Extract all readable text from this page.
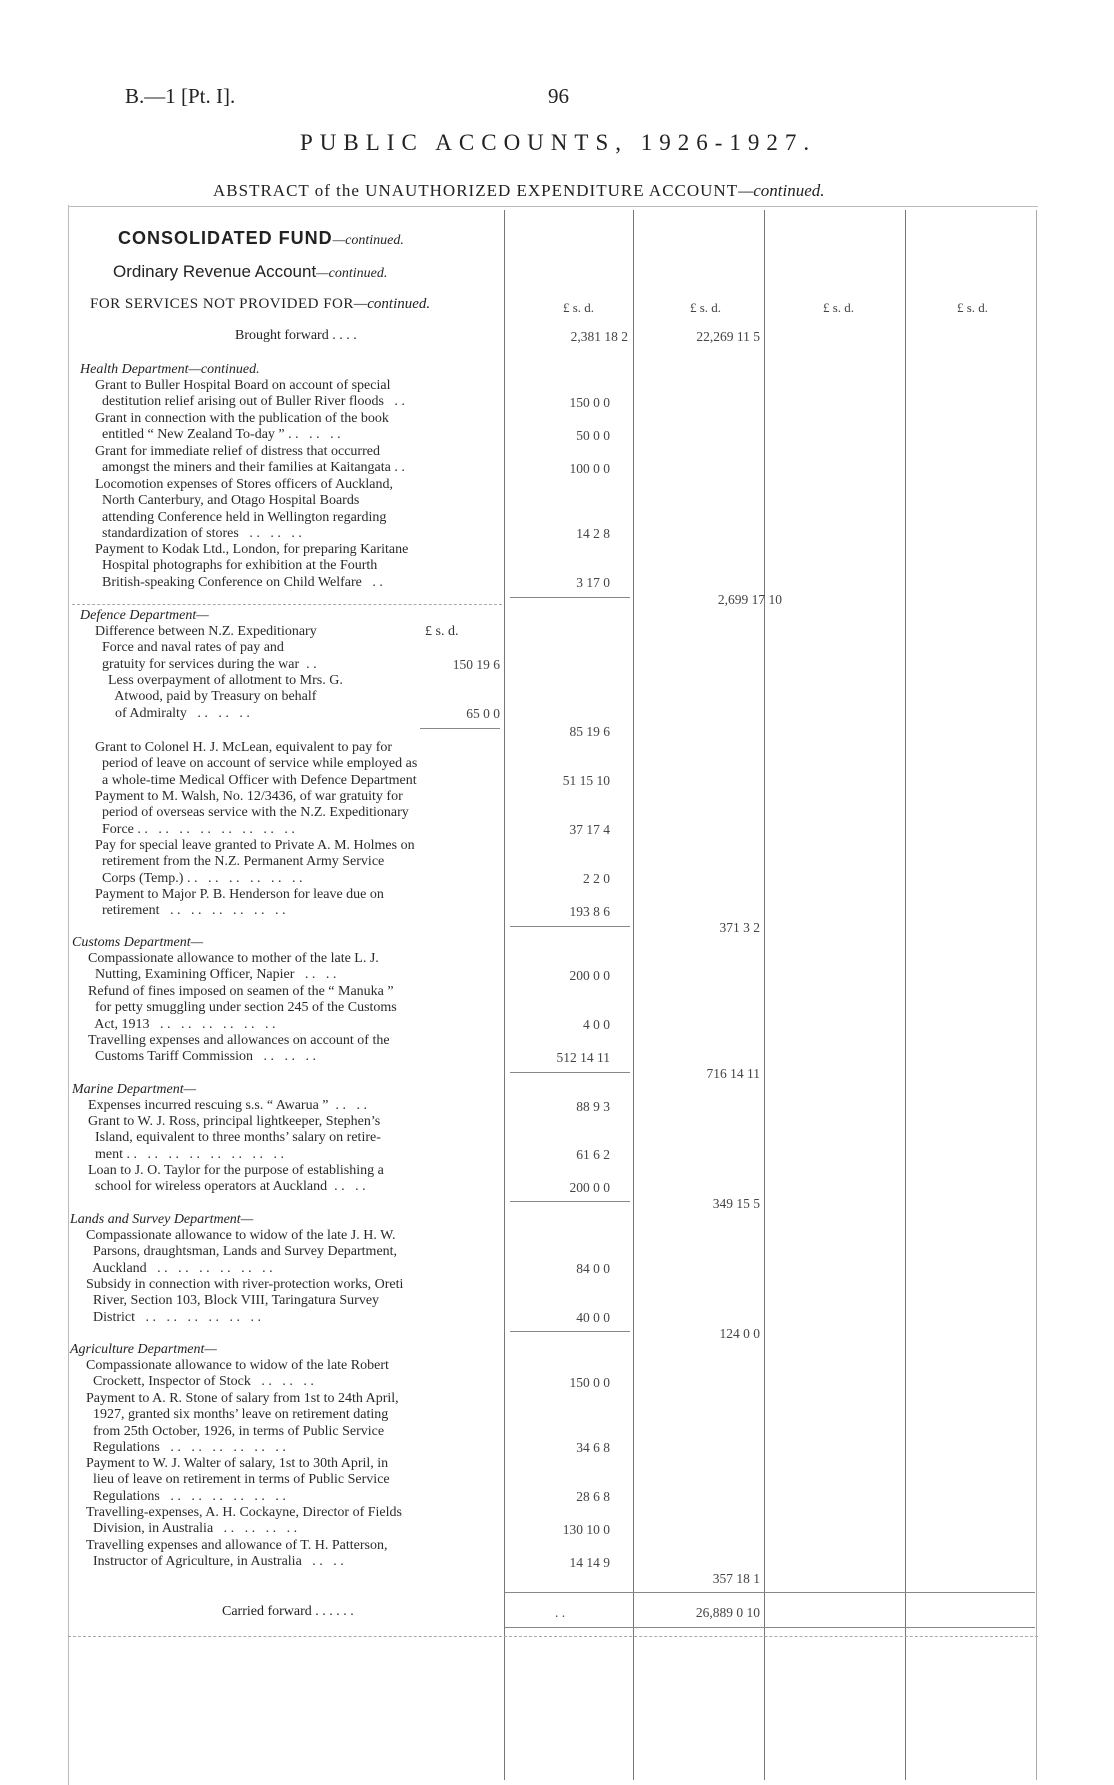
B.—1 [Pt. I].	96
PUBLIC ACCOUNTS, 1926-1927.
ABSTRACT of the UNAUTHORIZED EXPENDITURE ACCOUNT—continued.
CONSOLIDATED FUND—continued.
Ordinary Revenue Account—continued.
FOR SERVICES NOT PROVIDED FOR—continued.	£ s. d.	£ s. d.	£ s. d.	£ s. d.
Brought forward . . . .	2,381 18 2	22,269 11 5
Health Department—continued.
Grant to Buller Hospital Board on account of special
destitution relief arising out of Buller River floods   . .	150 0 0
Grant in connection with the publication of the book
entitled “ New Zealand To-day ” . .   . .   . .	50 0 0
Grant for immediate relief of distress that occurred
amongst the miners and their families at Kaitangata . .	100 0 0
Locomotion expenses of Stores officers of Auckland,
North Canterbury, and Otago Hospital Boards
attending Conference held in Wellington regarding
standardization of stores   . .   . .   . .	14 2 8
Payment to Kodak Ltd., London, for preparing Karitane
Hospital photographs for exhibition at the Fourth
British-speaking Conference on Child Welfare   . .	3 17 0
2,699 17 10
Defence Department—
£ s. d.
Difference between N.Z. Expeditionary
Force and naval rates of pay and
gratuity for services during the war  . .	150 19 6
Less overpayment of allotment to Mrs. G.
Atwood, paid by Treasury on behalf
of Admiralty   . .   . .   . .	65 0 0
85 19 6
Grant to Colonel H. J. McLean, equivalent to pay for
period of leave on account of service while employed as
a whole-time Medical Officer with Defence Department	51 15 10
Payment to M. Walsh, No. 12/3436, of war gratuity for
period of overseas service with the N.Z. Expeditionary
Force . .   . .   . .   . .   . .   . .   . .   . .	37 17 4
Pay for special leave granted to Private A. M. Holmes on
retirement from the N.Z. Permanent Army Service
Corps (Temp.) . .   . .   . .   . .   . .   . .	2 2 0
Payment to Major P. B. Henderson for leave due on
retirement   . .   . .   . .   . .   . .   . .	193 8 6
371 3 2
Customs Department—
Compassionate allowance to mother of the late L. J.
Nutting, Examining Officer, Napier   . .   . .	200 0 0
Refund of fines imposed on seamen of the “ Manuka ”
for petty smuggling under section 245 of the Customs
Act, 1913   . .   . .   . .   . .   . .   . .	4 0 0
Travelling expenses and allowances on account of the
Customs Tariff Commission   . .   . .   . .	512 14 11
716 14 11
Marine Department—
Expenses incurred rescuing s.s. “ Awarua ”  . .   . .	88 9 3
Grant to W. J. Ross, principal lightkeeper, Stephen’s
Island, equivalent to three months’ salary on retire-
ment . .   . .   . .   . .   . .   . .   . .   . .	61 6 2
Loan to J. O. Taylor for the purpose of establishing a
school for wireless operators at Auckland  . .   . .	200 0 0
349 15 5
Lands and Survey Department—
Compassionate allowance to widow of the late J. H. W.
Parsons, draughtsman, Lands and Survey Department,
Auckland   . .   . .   . .   . .   . .   . .	84 0 0
Subsidy in connection with river-protection works, Oreti
River, Section 103, Block VIII, Taringatura Survey
District   . .   . .   . .   . .   . .   . .	40 0 0
124 0 0
Agriculture Department—
Compassionate allowance to widow of the late Robert
Crockett, Inspector of Stock   . .   . .   . .	150 0 0
Payment to A. R. Stone of salary from 1st to 24th April,
1927, granted six months’ leave on retirement dating
from 25th October, 1926, in terms of Public Service
Regulations   . .   . .   . .   . .   . .   . .	34 6 8
Payment to W. J. Walter of salary, 1st to 30th April, in
lieu of leave on retirement in terms of Public Service
Regulations   . .   . .   . .   . .   . .   . .	28 6 8
Travelling-expenses, A. H. Cockayne, Director of Fields
Division, in Australia   . .   . .   . .   . .	130 10 0
Travelling expenses and allowance of T. H. Patterson,
Instructor of Agriculture, in Australia   . .   . .	14 14 9
357 18 1
Carried forward . . . . . .	. .	26,889 0 10
